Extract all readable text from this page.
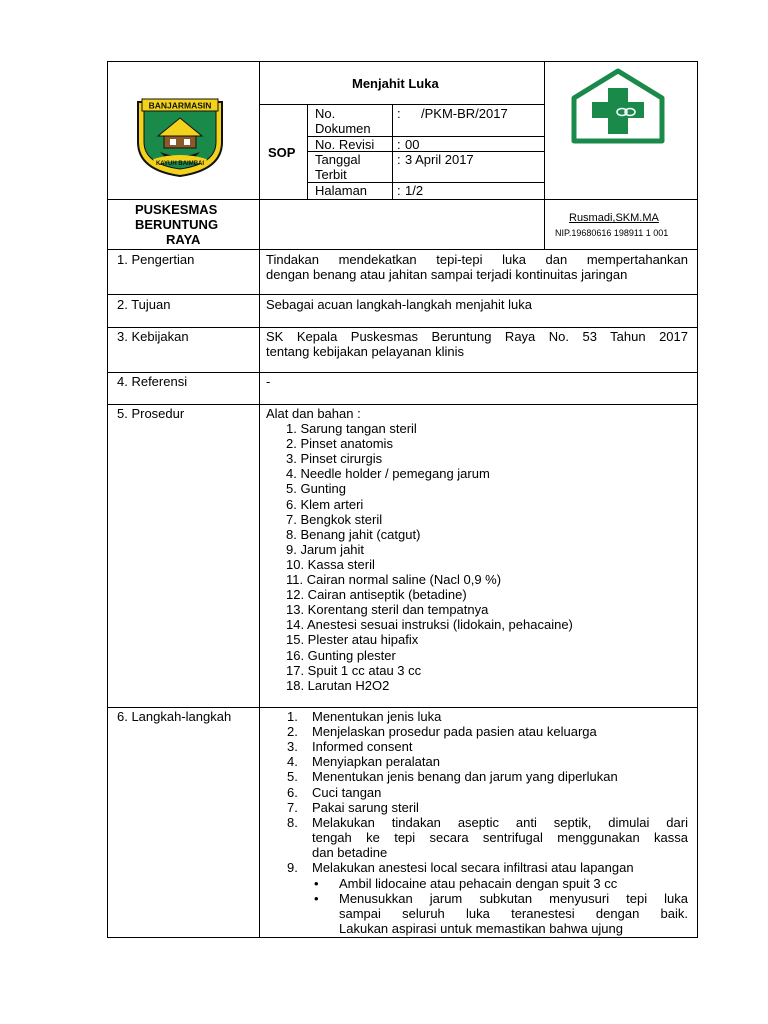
BANJARMASIN
KAYUH BAIMBAI
Menjahit Luka
SOP
No.
Dokumen
: /PKM-BR/2017
No. Revisi : 00
Tanggal
Terbit
: 3 April 2017
Halaman : 1/2
PUSKESMAS
BERUNTUNG
RAYA
Rusmadi,SKM.MA
NIP.19680616 198911 1 001
1. Pengertian	Tindakan mendekatkan tepi-tepi luka dan mempertahankan
dengan benang atau jahitan sampai terjadi kontinuitas jaringan
2. Tujuan	Sebagai acuan langkah-langkah menjahit luka
3. Kebijakan	SK Kepala Puskesmas Beruntung Raya No. 53 Tahun 2017
tentang kebijakan pelayanan klinis
4. Referensi	-
5. Prosedur	Alat dan bahan :
1. Sarung tangan steril
2. Pinset anatomis
3. Pinset cirurgis
4. Needle holder / pemegang jarum
5. Gunting
6. Klem arteri
7. Bengkok steril
8. Benang jahit (catgut)
9. Jarum jahit
10. Kassa steril
11. Cairan normal saline (Nacl 0,9 %)
12. Cairan antiseptik (betadine)
13. Korentang steril dan tempatnya
14. Anestesi sesuai instruksi (lidokain, pehacaine)
15. Plester atau hipafix
16. Gunting plester
17. Spuit 1 cc atau 3 cc
18. Larutan H2O2
6. Langkah-langkah	1. Menentukan jenis luka
2. Menjelaskan prosedur pada pasien atau keluarga
3. Informed consent
4. Menyiapkan peralatan
5. Menentukan jenis benang dan jarum yang diperlukan
6. Cuci tangan
7. Pakai sarung steril
8. Melakukan tindakan aseptic anti septik, dimulai dari
tengah ke tepi secara sentrifugal menggunakan kassa
dan betadine
9. Melakukan anestesi local secara infiltrasi atau lapangan
• Ambil lidocaine atau pehacain dengan spuit 3 cc
• Menusukkan jarum subkutan menyusuri tepi luka
sampai seluruh luka teranestesi dengan baik.
Lakukan aspirasi untuk memastikan bahwa ujung
